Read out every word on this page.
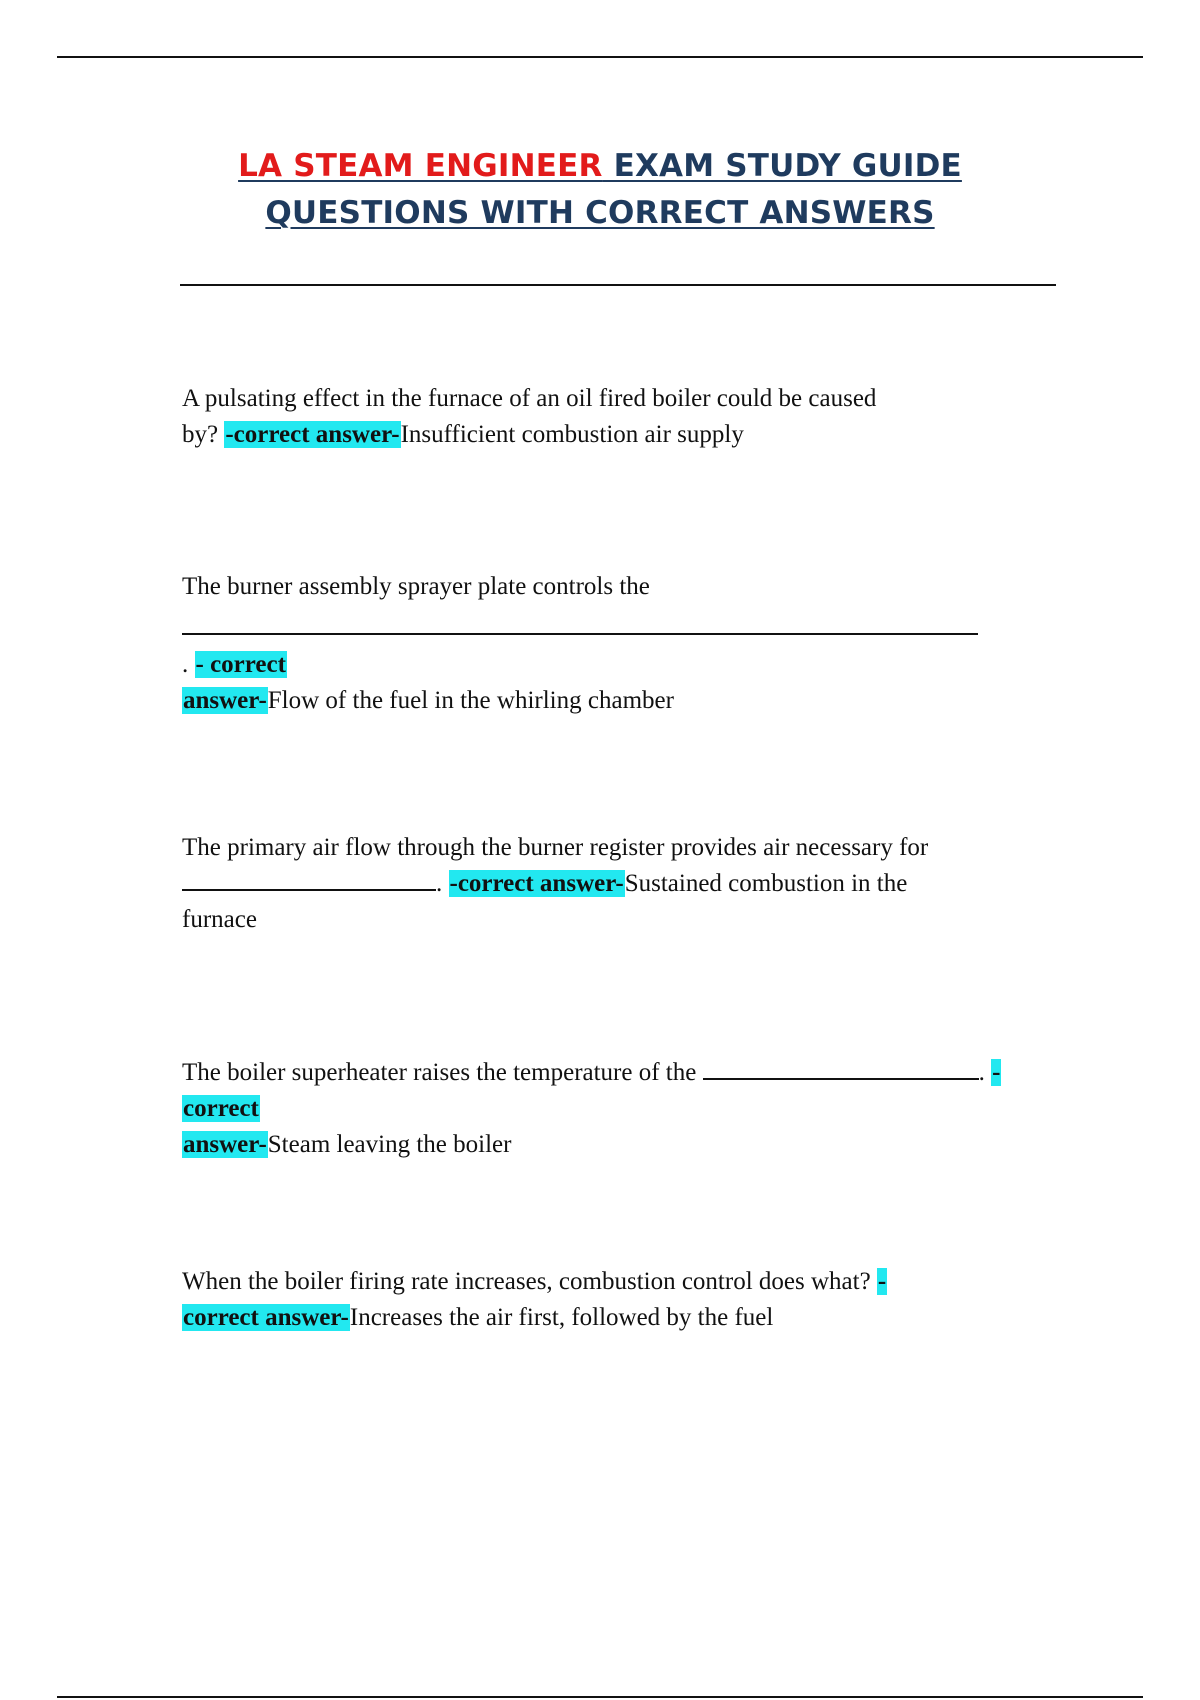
LA STEAM ENGINEER EXAM STUDY GUIDE
QUESTIONS WITH CORRECT ANSWERS
A pulsating effect in the furnace of an oil fired boiler could be caused
by? -correct answer-Insufficient combustion air supply
The burner assembly sprayer plate controls the
. - correct
answer-Flow of the fuel in the whirling chamber
The primary air flow through the burner register provides air necessary for
. -correct answer-Sustained combustion in the
furnace
The boiler superheater raises the temperature of the	. -
correct
answer-Steam leaving the boiler
When the boiler firing rate increases, combustion control does what? -
correct answer-Increases the air first, followed by the fuel
